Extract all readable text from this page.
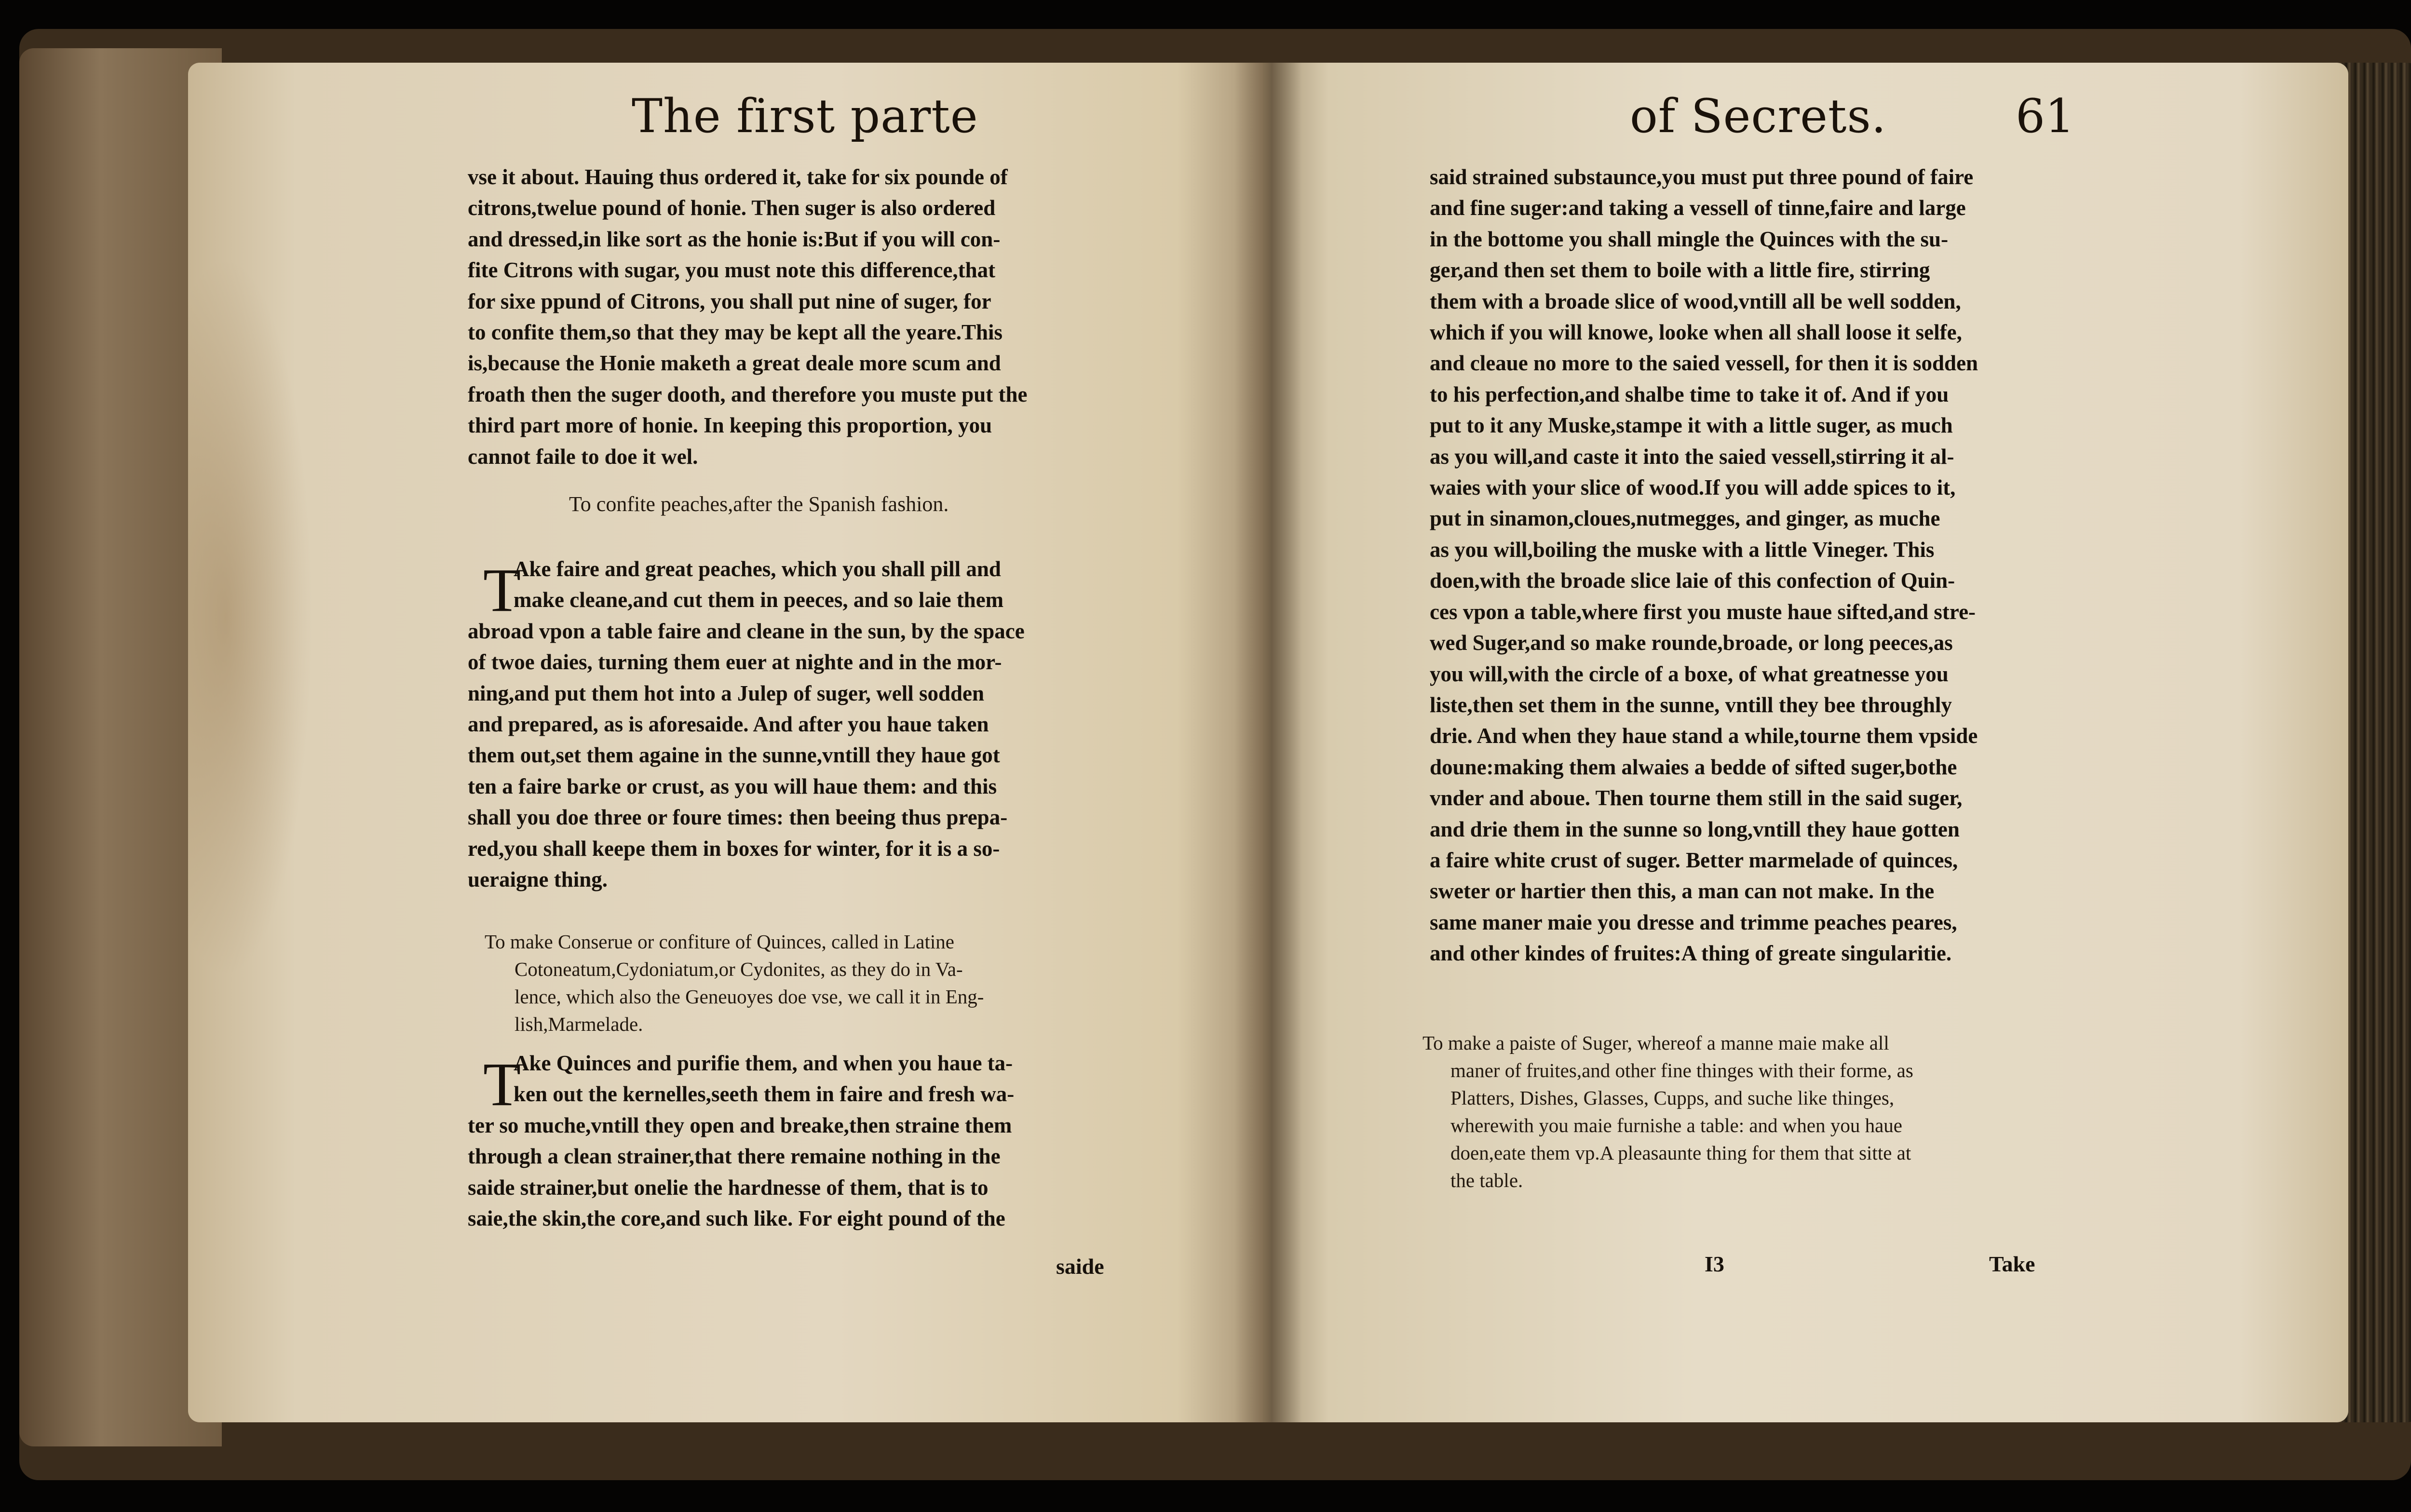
The first parte
vse it about. Hauing thus ordered it, take for six pounde of
citrons,twelue pound of honie. Then suger is also ordered
and dressed,in like sort as the honie is:But if you will con-
fite Citrons with sugar, you must note this difference,that
for sixe ppund of Citrons, you shall put nine of suger, for
to confite them,so that they may be kept all the yeare.This
is,because the Honie maketh a great deale more scum and
froath then the suger dooth, and therefore you muste put the
third part more of honie. In keeping this proportion, you
cannot faile to doe it wel.
To confite peaches,after the Spanish fashion.
T
Ake faire and great peaches, which you shall pill and
make cleane,and cut them in peeces, and so laie them
abroad vpon a table faire and cleane in the sun, by the space
of twoe daies, turning them euer at nighte and in the mor-
ning,and put them hot into a Julep of suger, well sodden
and prepared, as is aforesaide. And after you haue taken
them out,set them againe in the sunne,vntill they haue got
ten a faire barke or crust, as you will haue them: and this
shall you doe three or foure times: then beeing thus prepa-
red,you shall keepe them in boxes for winter, for it is a so-
ueraigne thing.
To make Conserue or confiture of Quinces, called in Latine
Cotoneatum,Cydoniatum,or Cydonites, as they do in Va-
lence, which also the Geneuoyes doe vse, we call it in Eng-
lish,Marmelade.
T
Ake Quinces and purifie them, and when you haue ta-
ken out the kernelles,seeth them in faire and fresh wa-
ter so muche,vntill they open and breake,then straine them
through a clean strainer,that there remaine nothing in the
saide strainer,but onelie the hardnesse of them, that is to
saie,the skin,the core,and such like. For eight pound of the
saide
of Secrets.	61
said strained substaunce,you must put three pound of faire
and fine suger:and taking a vessell of tinne,faire and large
in the bottome you shall mingle the Quinces with the su-
ger,and then set them to boile with a little fire, stirring
them with a broade slice of wood,vntill all be well sodden,
which if you will knowe, looke when all shall loose it selfe,
and cleaue no more to the saied vessell, for then it is sodden
to his perfection,and shalbe time to take it of. And if you
put to it any Muske,stampe it with a little suger, as much
as you will,and caste it into the saied vessell,stirring it al-
waies with your slice of wood.If you will adde spices to it,
put in sinamon,cloues,nutmegges, and ginger, as muche
as you will,boiling the muske with a little Vineger. This
doen,with the broade slice laie of this confection of Quin-
ces vpon a table,where first you muste haue sifted,and stre-
wed Suger,and so make rounde,broade, or long peeces,as
you will,with the circle of a boxe, of what greatnesse you
liste,then set them in the sunne, vntill they bee throughly
drie. And when they haue stand a while,tourne them vpside
doune:making them alwaies a bedde of sifted suger,bothe
vnder and aboue. Then tourne them still in the said suger,
and drie them in the sunne so long,vntill they haue gotten
a faire white crust of suger. Better marmelade of quinces,
sweter or hartier then this, a man can not make. In the
same maner maie you dresse and trimme peaches peares,
and other kindes of fruites:A thing of greate singularitie.
To make a paiste of Suger, whereof a manne maie make all
maner of fruites,and other fine thinges with their forme, as
Platters, Dishes, Glasses, Cupps, and suche like thinges,
wherewith you maie furnishe a table: and when you haue
doen,eate them vp.A pleasaunte thing for them that sitte at
the table.
I3	Take
